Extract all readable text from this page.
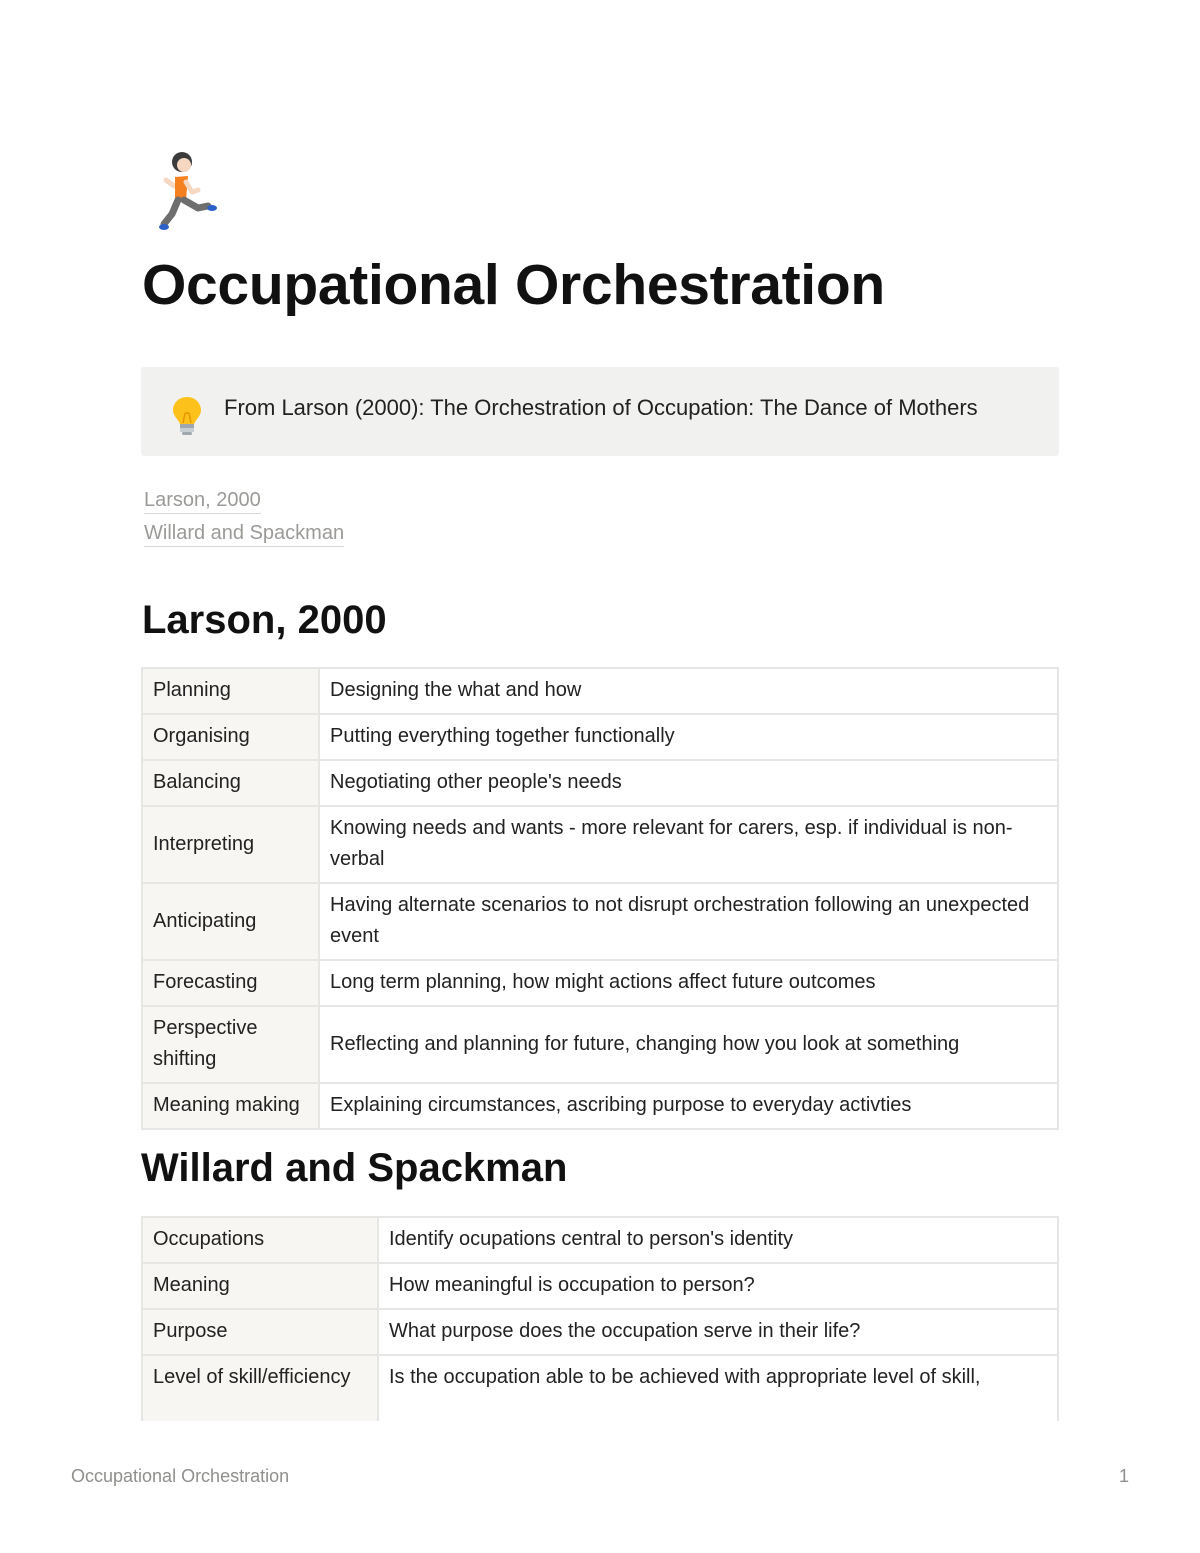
Occupational Orchestration
From Larson (2000): The Orchestration of Occupation: The Dance of Mothers
Larson, 2000
Willard and Spackman
Larson, 2000
Planning	Designing the what and how
Organising	Putting everything together functionally
Balancing	Negotiating other people's needs
Interpreting	Knowing needs and wants - more relevant for carers, esp. if individual is non-verbal
Anticipating	Having alternate scenarios to not disrupt orchestration following an unexpected event
Forecasting	Long term planning, how might actions affect future outcomes
Perspective shifting	Reflecting and planning for future, changing how you look at something
Meaning making	Explaining circumstances, ascribing purpose to everyday activties
Willard and Spackman
Occupations	Identify ocupations central to person's identity
Meaning	How meaningful is occupation to person?
Purpose	What purpose does the occupation serve in their life?
Level of skill/efficiency	Is the occupation able to be achieved with appropriate level of skill,
Occupational Orchestration	1
